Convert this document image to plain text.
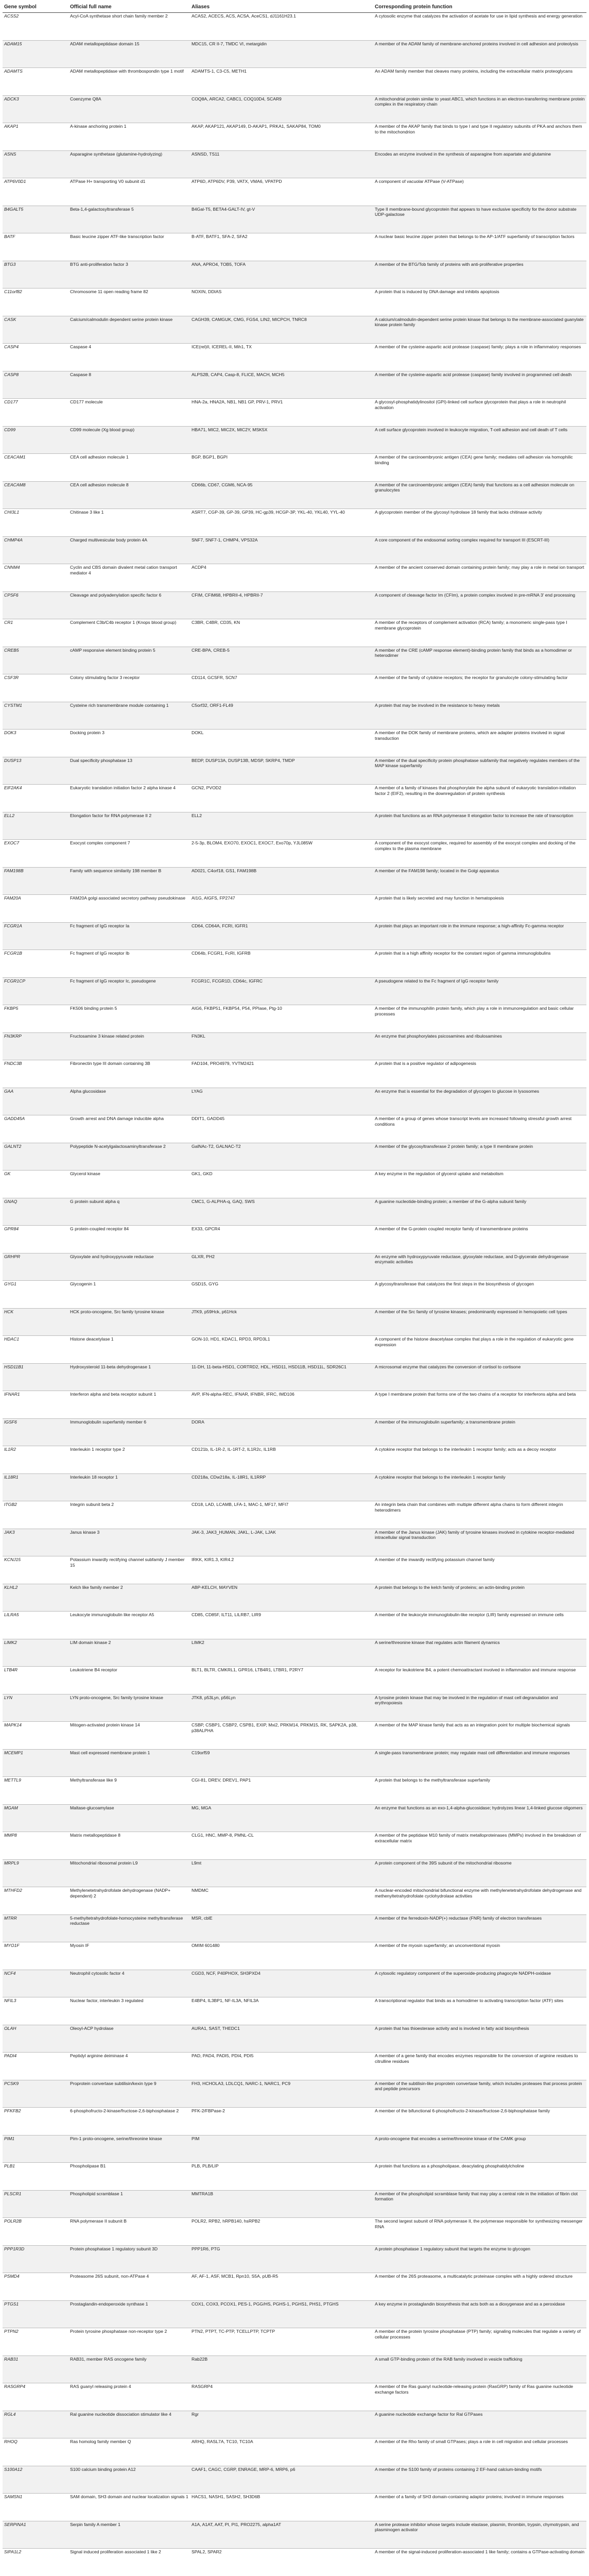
Gene symbol	Official full name	Aliases	Corresponding protein function
ACSS2	Acyl-CoA synthetase short chain family member 2	ACAS2, ACECS, ACS, ACSA, AceCS1, dJ1161H23.1	A cytosolic enzyme that catalyzes the activation of acetate for use in lipid synthesis and energy generation
ADAM15	ADAM metallopeptidase domain 15	MDC15, CR II-7, TMDC VI, metargidin	A member of the ADAM family of membrane-anchored proteins involved in cell adhesion and proteolysis
ADAMTS	ADAM metallopeptidase with thrombospondin type 1 motif	ADAMTS-1, C3-C5, METH1	An ADAM family member that cleaves many proteins, including the extracellular matrix proteoglycans
ADCK3	Coenzyme Q8A	COQ8A, ARCA2, CABC1, COQ10D4, SCAR9	A mitochondrial protein similar to yeast ABC1, which functions in an electron-transferring membrane protein complex in the respiratory chain
AKAP1	A-kinase anchoring protein 1	AKAP, AKAP121, AKAP149, D-AKAP1, PRKA1, SAKAP84, TOM0	A member of the AKAP family that binds to type I and type II regulatory subunits of PKA and anchors them to the mitochondrion
ASNS	Asparagine synthetase (glutamine-hydrolyzing)	ASNSD, TS11	Encodes an enzyme involved in the synthesis of asparagine from aspartate and glutamine
ATP6V0D1	ATPase H+ transporting V0 subunit d1	ATP6D, ATP6DV, P39, VATX, VMA6, VPATPD	A component of vacuolar ATPase (V-ATPase)
B4GALT5	Beta-1,4-galactosyltransferase 5	B4Gal-T5, BETA4-GALT-IV, gt-V	Type II membrane-bound glycoprotein that appears to have exclusive specificity for the donor substrate UDP-galactose
BATF	Basic leucine zipper ATF-like transcription factor	B-ATF, BATF1, SFA-2, SFA2	A nuclear basic leucine zipper protein that belongs to the AP-1/ATF superfamily of transcription factors
BTG3	BTG anti-proliferation factor 3	ANA, APRO4, TOB5, TOFA	A member of the BTG/Tob family of proteins with anti-proliferative properties
C11orf82	Chromosome 11 open reading frame 82	NOXIN, DDIAS	A protein that is induced by DNA damage and inhibits apoptosis
CASK	Calcium/calmodulin dependent serine protein kinase	CAGH39, CAMGUK, CMG, FGS4, LIN2, MICPCH, TNRC8	A calcium/calmodulin-dependent serine protein kinase that belongs to the membrane-associated guanylate kinase protein family
CASP4	Caspase 4	ICE(rel)II, ICEREL-II, Mih1, TX	A member of the cysteine-aspartic acid protease (caspase) family; plays a role in inflammatory responses
CASP8	Caspase 8	ALPS2B, CAP4, Casp-8, FLICE, MACH, MCH5	A member of the cysteine-aspartic acid protease (caspase) family involved in programmed cell death
CD177	CD177 molecule	HNA-2a, HNA2A, NB1, NB1 GP, PRV-1, PRV1	A glycosyl-phosphatidylinositol (GPI)-linked cell surface glycoprotein that plays a role in neutrophil activation
CD99	CD99 molecule (Xg blood group)	HBA71, MIC2, MIC2X, MIC2Y, MSK5X	A cell surface glycoprotein involved in leukocyte migration, T-cell adhesion and cell death of T cells
CEACAM1	CEA cell adhesion molecule 1	BGP, BGP1, BGPI	A member of the carcinoembryonic antigen (CEA) gene family; mediates cell adhesion via homophilic binding
CEACAM8	CEA cell adhesion molecule 8	CD66b, CD67, CGM6, NCA-95	A member of the carcinoembryonic antigen (CEA) family that functions as a cell adhesion molecule on granulocytes
CHI3L1	Chitinase 3 like 1	ASRT7, CGP-39, GP-39, GP39, HC-gp39, HCGP-3P, YKL-40, YKL40, YYL-40	A glycoprotein member of the glycosyl hydrolase 18 family that lacks chitinase activity
CHMP4A	Charged multivesicular body protein 4A	SNF7, SNF7-1, CHMP4, VPS32A	A core component of the endosomal sorting complex required for transport III (ESCRT-III)
CNNM4	Cyclin and CBS domain divalent metal cation transport mediator 4	ACDP4	A member of the ancient conserved domain containing protein family; may play a role in metal ion transport
CPSF6	Cleavage and polyadenylation specific factor 6	CFIM, CFIM68, HPBRII-4, HPBRII-7	A component of cleavage factor Im (CFIm), a protein complex involved in pre-mRNA 3' end processing
CR1	Complement C3b/C4b receptor 1 (Knops blood group)	C3BR, C4BR, CD35, KN	A member of the receptors of complement activation (RCA) family; a monomeric single-pass type I membrane glycoprotein
CREB5	cAMP responsive element binding protein 5	CRE-BPA, CREB-5	A member of the CRE (cAMP response element)-binding protein family that binds as a homodimer or heterodimer
CSF3R	Colony stimulating factor 3 receptor	CD114, GCSFR, SCN7	A member of the family of cytokine receptors; the receptor for granulocyte colony-stimulating factor
CYSTM1	Cysteine rich transmembrane module containing 1	C5orf32, ORF1-FL49	A protein that may be involved in the resistance to heavy metals
DOK3	Docking protein 3	DOKL	A member of the DOK family of membrane proteins, which are adapter proteins involved in signal transduction
DUSP13	Dual specificity phosphatase 13	BEDP, DUSP13A, DUSP13B, MDSP, SKRP4, TMDP	A member of the dual specificity protein phosphatase subfamily that negatively regulates members of the MAP kinase superfamily
EIF2AK4	Eukaryotic translation initiation factor 2 alpha kinase 4	GCN2, PVOD2	A member of a family of kinases that phosphorylate the alpha subunit of eukaryotic translation-initiation factor 2 (EIF2), resulting in the downregulation of protein synthesis
ELL2	Elongation factor for RNA polymerase II 2	ELL2	A protein that functions as an RNA polymerase II elongation factor to increase the rate of transcription
EXOC7	Exocyst complex component 7	2-5-3p, BLOM4, EXO70, EXOC1, EXOC7, Exo70p, YJL085W	A component of the exocyst complex, required for assembly of the exocyst complex and docking of the complex to the plasma membrane
FAM198B	Family with sequence similarity 198 member B	AD021, C4orf18, GS1, FAM198B	A member of the FAM198 family; located in the Golgi apparatus
FAM20A	FAM20A golgi associated secretory pathway pseudokinase	AI1G, AIGFS, FP2747	A protein that is likely secreted and may function in hematopoiesis
FCGR1A	Fc fragment of IgG receptor Ia	CD64, CD64A, FCRI, IGFR1	A protein that plays an important role in the immune response; a high-affinity Fc-gamma receptor
FCGR1B	Fc fragment of IgG receptor Ib	CD64b, FCGR1, FcRI, IGFRB	A protein that is a high affinity receptor for the constant region of gamma immunoglobulins
FCGR1CP	Fc fragment of IgG receptor Ic, pseudogene	FCGR1C, FCGR1D, CD64c, IGFRC	A pseudogene related to the Fc fragment of IgG receptor family
FKBP5	FK506 binding protein 5	AIG6, FKBP51, FKBP54, P54, PPIase, Ptg-10	A member of the immunophilin protein family, which play a role in immunoregulation and basic cellular processes
FN3KRP	Fructosamine 3 kinase related protein	FN3KL	An enzyme that phosphorylates psicosamines and ribulosamines
FNDC3B	Fibronectin type III domain containing 3B	FAD104, PRO4979, YVTM2421	A protein that is a positive regulator of adipogenesis
GAA	Alpha glucosidase	LYAG	An enzyme that is essential for the degradation of glycogen to glucose in lysosomes
GADD45A	Growth arrest and DNA damage inducible alpha	DDIT1, GADD45	A member of a group of genes whose transcript levels are increased following stressful growth arrest conditions
GALNT2	Polypeptide N-acetylgalactosaminyltransferase 2	GalNAc-T2, GALNAC-T2	A member of the glycosyltransferase 2 protein family; a type II membrane protein
GK	Glycerol kinase	GK1, GKD	A key enzyme in the regulation of glycerol uptake and metabolism
GNAQ	G protein subunit alpha q	CMC1, G-ALPHA-q, GAQ, SWS	A guanine nucleotide-binding protein; a member of the G-alpha subunit family
GPR84	G protein-coupled receptor 84	EX33, GPCR4	A member of the G-protein coupled receptor family of transmembrane proteins
GRHPR	Glyoxylate and hydroxypyruvate reductase	GLXR, PH2	An enzyme with hydroxypyruvate reductase, glyoxylate reductase, and D-glycerate dehydrogenase enzymatic activities
GYG1	Glycogenin 1	GSD15, GYG	A glycosyltransferase that catalyzes the first steps in the biosynthesis of glycogen
HCK	HCK proto-oncogene, Src family tyrosine kinase	JTK9, p59Hck, p61Hck	A member of the Src family of tyrosine kinases; predominantly expressed in hemopoietic cell types
HDAC1	Histone deacetylase 1	GON-10, HD1, KDAC1, RPD3, RPD3L1	A component of the histone deacetylase complex that plays a role in the regulation of eukaryotic gene expression
HSD11B1	Hydroxysteroid 11-beta dehydrogenase 1	11-DH, 11-beta-HSD1, CORTRD2, HDL, HSD11, HSD11B, HSD11L, SDR26C1	A microsomal enzyme that catalyzes the conversion of cortisol to cortisone
IFNAR1	Interferon alpha and beta receptor subunit 1	AVP, IFN-alpha-REC, IFNAR, IFNBR, IFRC, IMD106	A type I membrane protein that forms one of the two chains of a receptor for interferons alpha and beta
IGSF6	Immunoglobulin superfamily member 6	DORA	A member of the immunoglobulin superfamily; a transmembrane protein
IL1R2	Interleukin 1 receptor type 2	CD121b, IL-1R-2, IL-1RT-2, IL1R2c, IL1RB	A cytokine receptor that belongs to the interleukin 1 receptor family; acts as a decoy receptor
IL18R1	Interleukin 18 receptor 1	CD218a, CDw218a, IL-18R1, IL1RRP	A cytokine receptor that belongs to the interleukin 1 receptor family
ITGB2	Integrin subunit beta 2	CD18, LAD, LCAMB, LFA-1, MAC-1, MF17, MFI7	An integrin beta chain that combines with multiple different alpha chains to form different integrin heterodimers
JAK3	Janus kinase 3	JAK-3, JAK3_HUMAN, JAKL, L-JAK, LJAK	A member of the Janus kinase (JAK) family of tyrosine kinases involved in cytokine receptor-mediated intracellular signal transduction
KCNJ15	Potassium inwardly rectifying channel subfamily J member 15	IRKK, KIR1.3, KIR4.2	A member of the inwardly rectifying potassium channel family
KLHL2	Kelch like family member 2	ABP-KELCH, MAYVEN	A protein that belongs to the kelch family of proteins; an actin-binding protein
LILRA5	Leukocyte immunoglobulin like receptor A5	CD85, CD85F, ILT11, LILRB7, LIR9	A member of the leukocyte immunoglobulin-like receptor (LIR) family expressed on immune cells
LIMK2	LIM domain kinase 2	LIMK2	A serine/threonine kinase that regulates actin filament dynamics
LTB4R	Leukotriene B4 receptor	BLT1, BLTR, CMKRL1, GPR16, LTB4R1, LTBR1, P2RY7	A receptor for leukotriene B4, a potent chemoattractant involved in inflammation and immune response
LYN	LYN proto-oncogene, Src family tyrosine kinase	JTK8, p53Lyn, p56Lyn	A tyrosine protein kinase that may be involved in the regulation of mast cell degranulation and erythropoiesis
MAPK14	Mitogen-activated protein kinase 14	CSBP, CSBP1, CSBP2, CSPB1, EXIP, Mxi2, PRKM14, PRKM15, RK, SAPK2A, p38, p38ALPHA	A member of the MAP kinase family that acts as an integration point for multiple biochemical signals
MCEMP1	Mast cell expressed membrane protein 1	C19orf59	A single-pass transmembrane protein; may regulate mast cell differentiation and immune responses
METTL9	Methyltransferase like 9	CGI-81, DREV, DREV1, PAP1	A protein that belongs to the methyltransferase superfamily
MGAM	Maltase-glucoamylase	MG, MGA	An enzyme that functions as an exo-1,4-alpha-glucosidase; hydrolyzes linear 1,4-linked glucose oligomers
MMP8	Matrix metallopeptidase 8	CLG1, HNC, MMP-8, PMNL-CL	A member of the peptidase M10 family of matrix metalloproteinases (MMPs) involved in the breakdown of extracellular matrix
MRPL9	Mitochondrial ribosomal protein L9	L9mt	A protein component of the 39S subunit of the mitochondrial ribosome
MTHFD2	Methylenetetrahydrofolate dehydrogenase (NADP+ dependent) 2	NMDMC	A nuclear-encoded mitochondrial bifunctional enzyme with methylenetetrahydrofolate dehydrogenase and methenyltetrahydrofolate cyclohydrolase activities
MTRR	5-methyltetrahydrofolate-homocysteine methyltransferase reductase	MSR, cblE	A member of the ferredoxin-NADP(+) reductase (FNR) family of electron transferases
MYO1F	Myosin IF	OMIM 601480	A member of the myosin superfamily; an unconventional myosin
NCF4	Neutrophil cytosolic factor 4	CGD3, NCF, P40PHOX, SH3PXD4	A cytosolic regulatory component of the superoxide-producing phagocyte NADPH-oxidase
NFIL3	Nuclear factor, interleukin 3 regulated	E4BP4, IL3BP1, NF-IL3A, NFIL3A	A transcriptional regulator that binds as a homodimer to activating transcription factor (ATF) sites
OLAH	Oleoyl-ACP hydrolase	AURA1, SAST, THEDC1	A protein that has thioesterase activity and is involved in fatty acid biosynthesis
PADI4	Peptidyl arginine deiminase 4	PAD, PAD4, PADI5, PDI4, PDI5	A member of a gene family that encodes enzymes responsible for the conversion of arginine residues to citrulline residues
PCSK9	Proprotein convertase subtilisin/kexin type 9	FH3, HCHOLA3, LDLCQ1, NARC-1, NARC1, PC9	A member of the subtilisin-like proprotein convertase family, which includes proteases that process protein and peptide precursors
PFKFB2	6-phosphofructo-2-kinase/fructose-2,6-biphosphatase 2	PFK-2/FBPase-2	A member of the bifunctional 6-phosphofructo-2-kinase/fructose-2,6-biphosphatase family
PIM1	Pim-1 proto-oncogene, serine/threonine kinase	PIM	A proto-oncogene that encodes a serine/threonine kinase of the CAMK group
PLB1	Phospholipase B1	PLB, PLB/LIP	A protein that functions as a phospholipase, deacylating phosphatidylcholine
PLSCR1	Phospholipid scramblase 1	MMTRA1B	A member of the phospholipid scramblase family that may play a central role in the initiation of fibrin clot formation
POLR2B	RNA polymerase II subunit B	POLR2, RPB2, hRPB140, hsRPB2	The second largest subunit of RNA polymerase II, the polymerase responsible for synthesizing messenger RNA
PPP1R3D	Protein phosphatase 1 regulatory subunit 3D	PPP1R6, PTG	A protein phosphatase 1 regulatory subunit that targets the enzyme to glycogen
PSMD4	Proteasome 26S subunit, non-ATPase 4	AF, AF-1, ASF, MCB1, Rpn10, S5A, pUB-R5	A member of the 26S proteasome, a multicatalytic proteinase complex with a highly ordered structure
PTGS1	Prostaglandin-endoperoxide synthase 1	COX1, COX3, PCOX1, PES-1, PGG/HS, PGHS-1, PGHS1, PHS1, PTGHS	A key enzyme in prostaglandin biosynthesis that acts both as a dioxygenase and as a peroxidase
PTPN2	Protein tyrosine phosphatase non-receptor type 2	PTN2, PTPT, TC-PTP, TCELLPTP, TCPTP	A member of the protein tyrosine phosphatase (PTP) family; signaling molecules that regulate a variety of cellular processes
RAB31	RAB31, member RAS oncogene family	Rab22B	A small GTP-binding protein of the RAB family involved in vesicle trafficking
RASGRP4	RAS guanyl releasing protein 4	RASGRP4	A member of the Ras guanyl nucleotide-releasing protein (RasGRP) family of Ras guanine nucleotide exchange factors
RGL4	Ral guanine nucleotide dissociation stimulator like 4	Rgr	A guanine nucleotide exchange factor for Ral GTPases
RHOQ	Ras homolog family member Q	ARHQ, RASL7A, TC10, TC10A	A member of the Rho family of small GTPases; plays a role in cell migration and cellular processes
S100A12	S100 calcium binding protein A12	CAAF1, CAGC, CGRP, ENRAGE, MRP-6, MRP6, p6	A member of the S100 family of proteins containing 2 EF-hand calcium-binding motifs
SAMSN1	SAM domain, SH3 domain and nuclear localization signals 1	HACS1, NASH1, SASH2, SH3D6B	A member of a family of SH3 domain-containing adaptor proteins; involved in immune responses
SERPINA1	Serpin family A member 1	A1A, A1AT, AAT, PI, PI1, PRO2275, alpha1AT	A serine protease inhibitor whose targets include elastase, plasmin, thrombin, trypsin, chymotrypsin, and plasminogen activator
SIPA1L2	Signal induced proliferation associated 1 like 2	SPAL2, SPAR2	A member of the signal-induced proliferation-associated 1 like family; contains a GTPase-activating domain
